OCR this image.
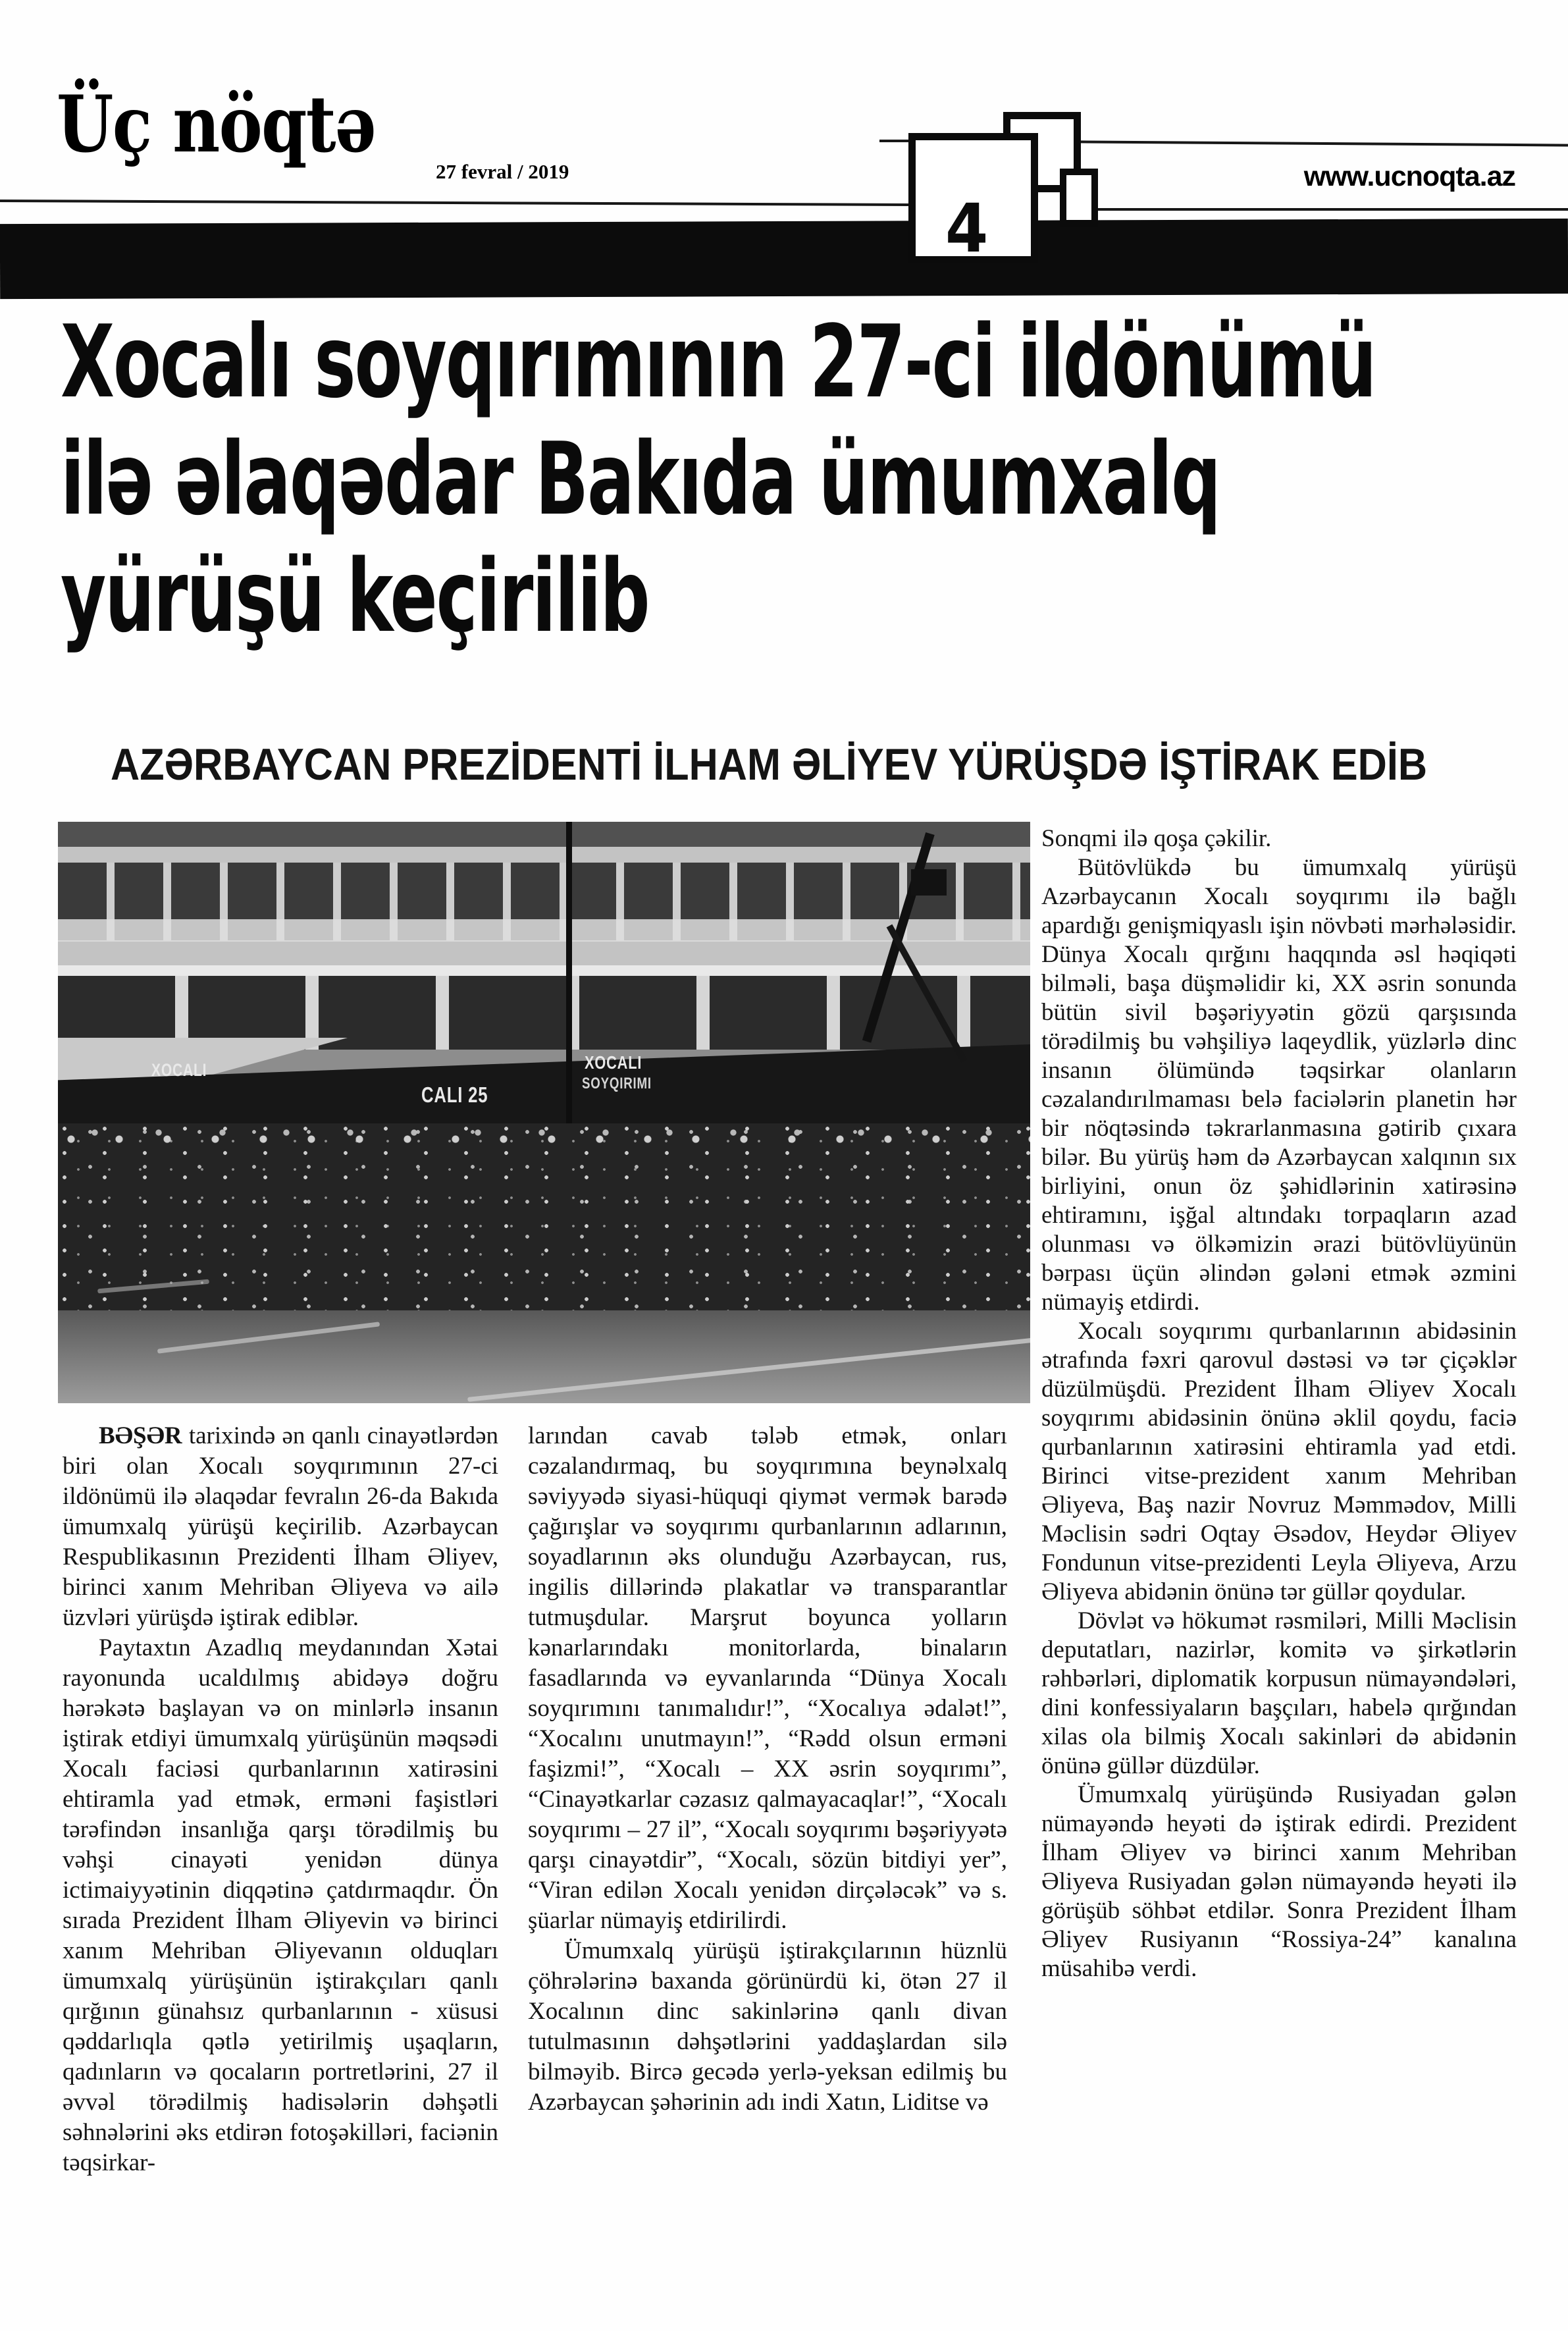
Üç nöqtə
27 fevral / 2019	www.ucnoqta.az
4
Xocalı soyqırımının 27-ci ildönümü
ilə əlaqədar Bakıda ümumxalq
yürüşü keçirilib
AZƏRBAYCAN PREZİDENTİ İLHAM ƏLİYEV YÜRÜŞDƏ İŞTİRAK EDİB
XOCALI
CALI 25
XOCALI
SOYQIRIMI

BƏŞƏR tarixində ən qanlı cinayətlərdən biri olan Xocalı soyqırımının 27-ci ildönümü ilə əlaqədar fevralın 26-da Bakıda ümumxalq yürüşü keçirilib. Azərbaycan Respublikasının Prezidenti İlham Əliyev, birinci xanım Mehriban Əliyeva və ailə üzvləri yürüşdə iştirak ediblər.

Paytaxtın Azadlıq meydanından Xətai rayonunda ucaldılmış abidəyə doğru hərəkətə başlayan və on minlərlə insanın iştirak etdiyi ümumxalq yürüşünün məqsədi Xocalı faciəsi qurbanlarının xatirəsini ehtiramla yad etmək, erməni faşistləri tərəfindən insanlığa qarşı törədilmiş bu vəhşi cinayəti yenidən dünya ictimaiyyətinin diqqətinə çatdırmaqdır. Ön sırada Prezident İlham Əliyevin və birinci xanım Mehriban Əliyevanın olduqları ümumxalq yürüşünün iştirakçıları qanlı qırğının günahsız qurbanlarının - xüsusi qəddarlıqla qətlə yetirilmiş uşaqların, qadınların və qocaların portretlərini, 27 il əvvəl törədilmiş hadisələrin dəhşətli səhnələrini əks etdirən fotoşəkilləri, faciənin təqsirkar-

larından cavab tələb etmək, onları cəzalandırmaq, bu soyqırımına beynəlxalq səviyyədə siyasi-hüquqi qiymət vermək barədə çağırışlar və soyqırımı qurbanlarının adlarının, soyadlarının əks olunduğu Azərbaycan, rus, ingilis dillərində plakatlar və transparantlar tutmuşdular. Marşrut boyunca yolların kənarlarındakı monitorlarda, binaların fasadlarında və eyvanlarında “Dünya Xocalı soyqırımını tanımalıdır!”, “Xocalıya ədalət!”, “Xocalını unutmayın!”, “Rədd olsun erməni faşizmi!”, “Xocalı – XX əsrin soyqırımı”, “Cinayətkarlar cəzasız qalmayacaqlar!”, “Xocalı soyqırımı – 27 il”, “Xocalı soyqırımı bəşəriyyətə qarşı cinayətdir”, “Xocalı, sözün bitdiyi yer”, “Viran edilən Xocalı yenidən dirçələcək” və s. şüarlar nümayiş etdirilirdi.

Ümumxalq yürüşü iştirakçılarının hüznlü çöhrələrinə baxanda görünürdü ki, ötən 27 il Xocalının dinc sakinlərinə qanlı divan tutulmasının dəhşətlərini yaddaşlardan silə bilməyib. Bircə gecədə yerlə-yeksan edilmiş bu Azərbaycan şəhərinin adı indi Xatın, Liditse və

Sonqmi ilə qoşa çəkilir.

Bütövlükdə bu ümumxalq yürüşü Azərbaycanın Xocalı soyqırımı ilə bağlı apardığı genişmiqyaslı işin növbəti mərhələsidir. Dünya Xocalı qırğını haqqında əsl həqiqəti bilməli, başa düşməlidir ki, XX əsrin sonunda bütün sivil bəşəriyyətin gözü qarşısında törədilmiş bu vəhşiliyə laqeydlik, yüzlərlə dinc insanın ölümündə təqsirkar olanların cəzalandırılmaması belə faciələrin planetin hər bir nöqtəsində təkrarlanmasına gətirib çıxara bilər. Bu yürüş həm də Azərbaycan xalqının sıx birliyini, onun öz şəhidlərinin xatirəsinə ehtiramını, işğal altındakı torpaqların azad olunması və ölkəmizin ərazi bütövlüyünün bərpası üçün əlindən gələni etmək əzmini nümayiş etdirdi.

Xocalı soyqırımı qurbanlarının abidəsinin ətrafında fəxri qarovul dəstəsi və tər çiçəklər düzülmüşdü. Prezident İlham Əliyev Xocalı soyqırımı abidəsinin önünə əklil qoydu, faciə qurbanlarının xatirəsini ehtiramla yad etdi. Birinci vitse-prezident xanım Mehriban Əliyeva, Baş nazir Novruz Məmmədov, Milli Məclisin sədri Oqtay Əsədov, Heydər Əliyev Fondunun vitse-prezidenti Leyla Əliyeva, Arzu Əliyeva abidənin önünə tər güllər qoydular.

Dövlət və hökumət rəsmiləri, Milli Məclisin deputatları, nazirlər, komitə və şirkətlərin rəhbərləri, diplomatik korpusun nümayəndələri, dini konfessiyaların başçıları, habelə qırğından xilas ola bilmiş Xocalı sakinləri də abidənin önünə güllər düzdülər.

Ümumxalq yürüşündə Rusiyadan gələn nümayəndə heyəti də iştirak edirdi. Prezident İlham Əliyev və birinci xanım Mehriban Əliyeva Rusiyadan gələn nümayəndə heyəti ilə görüşüb söhbət etdilər. Sonra Prezident İlham Əliyev Rusiyanın “Rossiya-24” kanalına müsahibə verdi.
